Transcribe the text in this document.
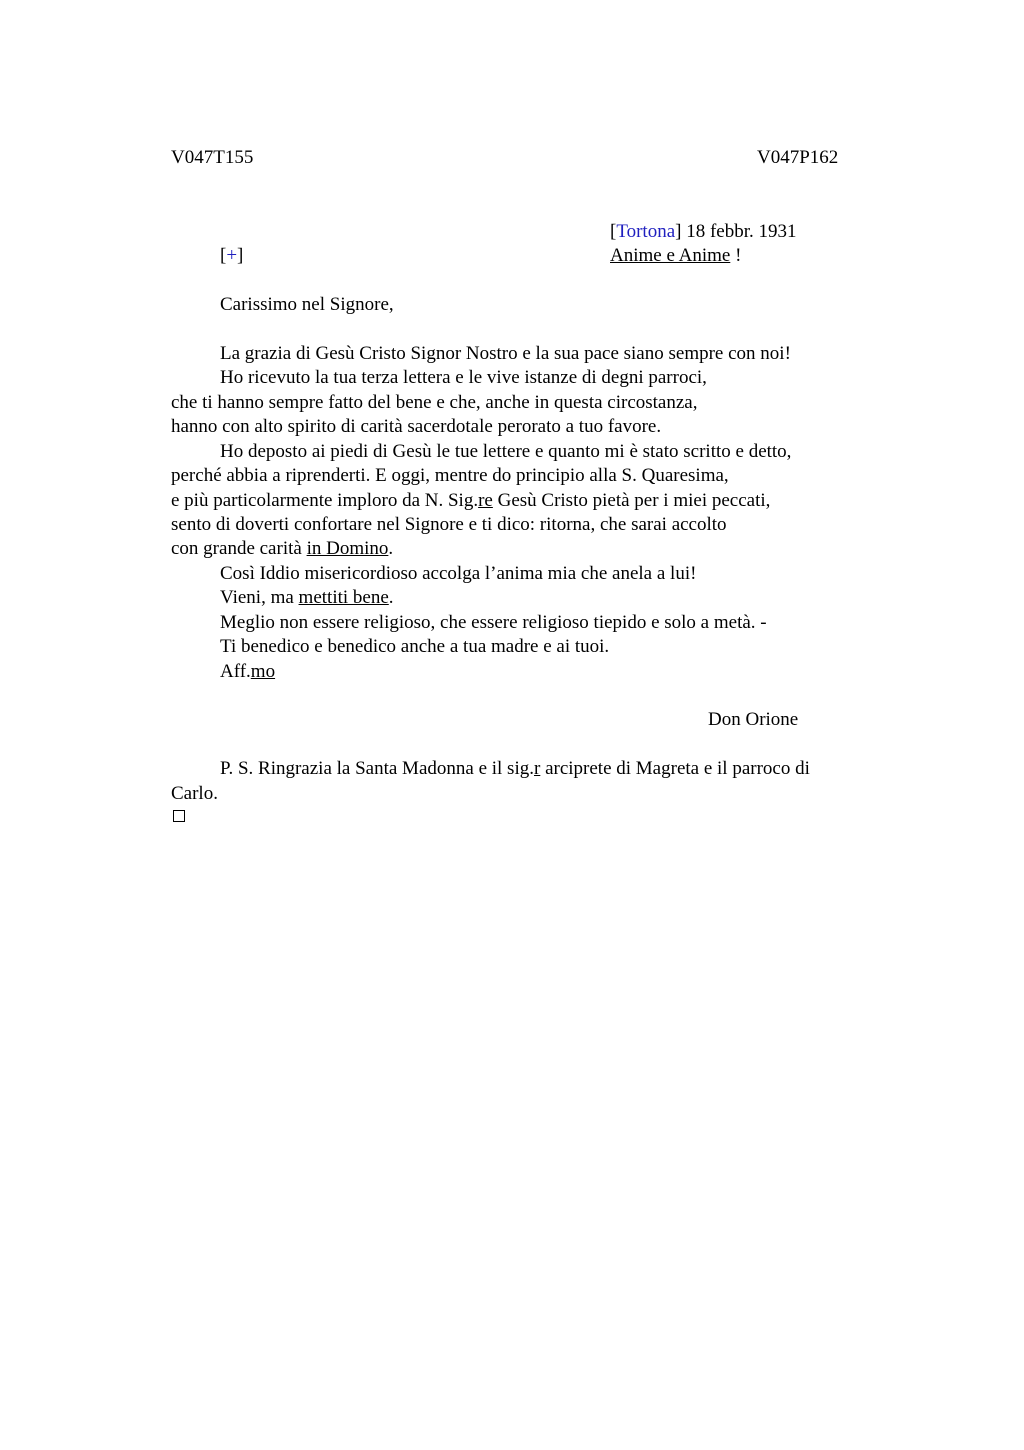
V047T155	V047P162
[Tortona] 18 febbr. 1931
[+]	Anime e Anime !
Carissimo nel Signore,
La grazia di Gesù Cristo Signor Nostro e la sua pace siano sempre con noi!
Ho ricevuto la tua terza lettera e le vive istanze di degni parroci,
che ti hanno sempre fatto del bene e che, anche in questa circostanza,
hanno con alto spirito di carità sacerdotale perorato a tuo favore.
Ho deposto ai piedi di Gesù le tue lettere e quanto mi è stato scritto e detto,
perché abbia a riprenderti. E oggi, mentre do principio alla S. Quaresima,
e più particolarmente imploro da N. Sig.re Gesù Cristo pietà per i miei peccati,
sento di doverti confortare nel Signore e ti dico: ritorna, che sarai accolto
con grande carità in Domino.
Così Iddio misericordioso accolga l’anima mia che anela a lui!
Vieni, ma mettiti bene.
Meglio non essere religioso, che essere religioso tiepido e solo a metà. -
Ti benedico e benedico anche a tua madre e ai tuoi.
Aff.mo
Don Orione
P. S. Ringrazia la Santa Madonna e il sig.r arciprete di Magreta e il parroco di
Carlo.
